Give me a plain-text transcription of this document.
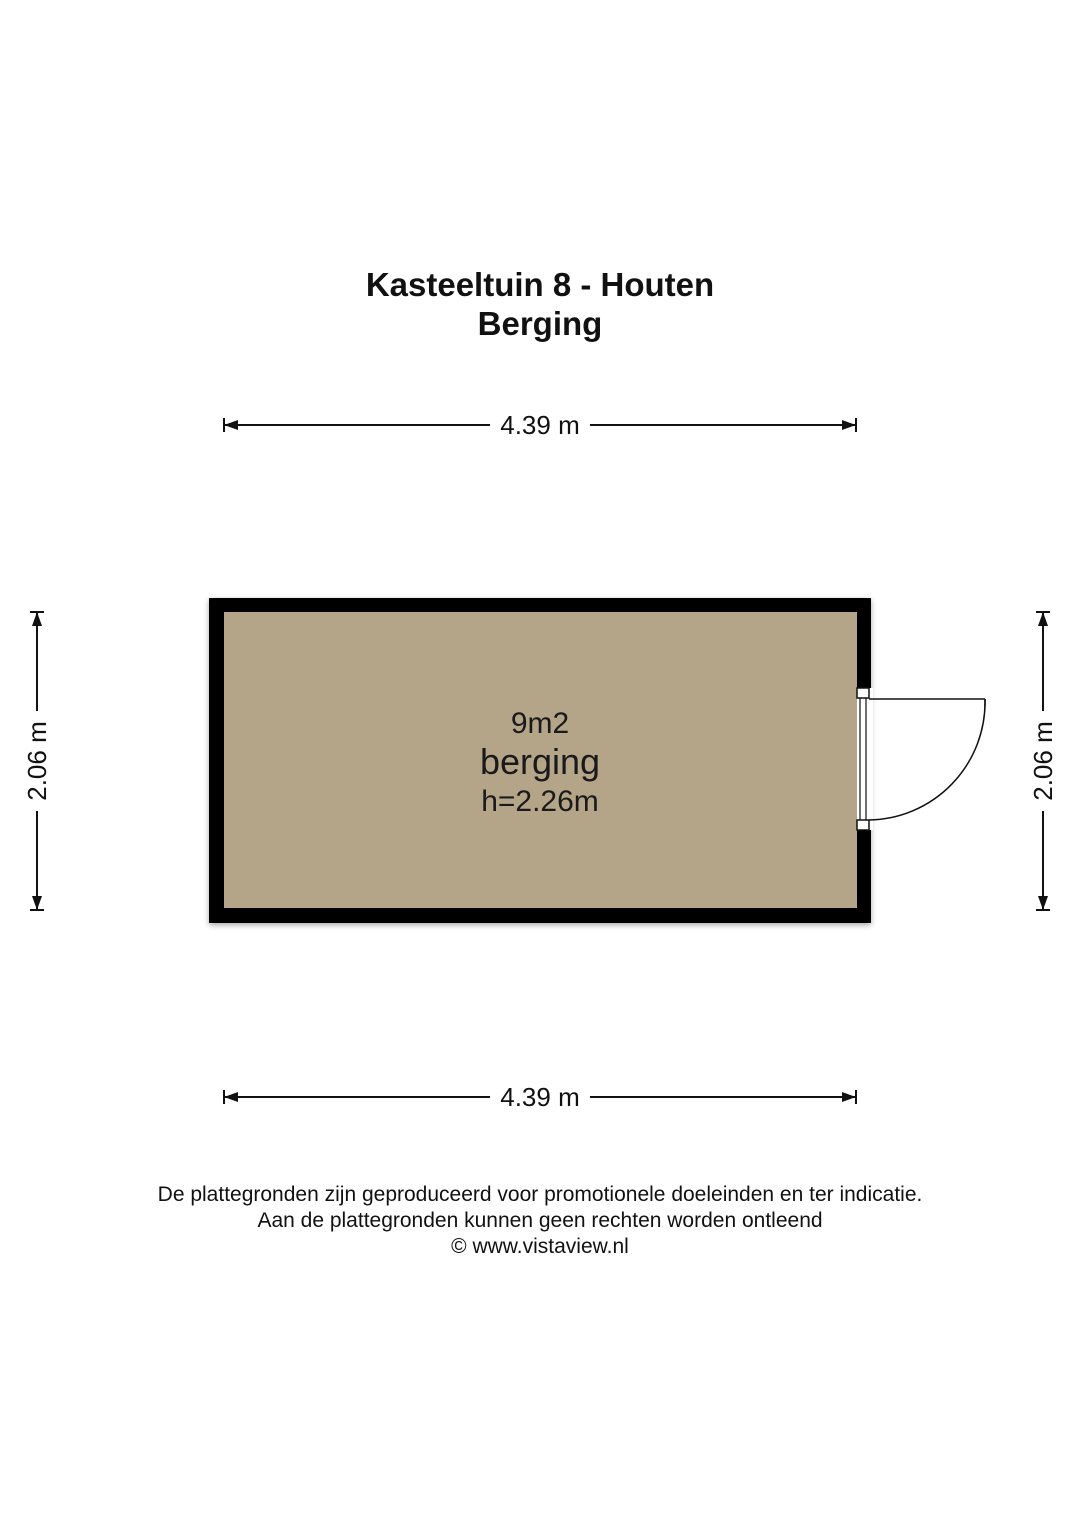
Kasteeltuin 8 - Houten
Berging
4.39 m
4.39 m
2.06 m	2.06 m
9m2
berging
h=2.26m
De plattegronden zijn geproduceerd voor promotionele doeleinden en ter indicatie.
Aan de plattegronden kunnen geen rechten worden ontleend
© www.vistaview.nl
